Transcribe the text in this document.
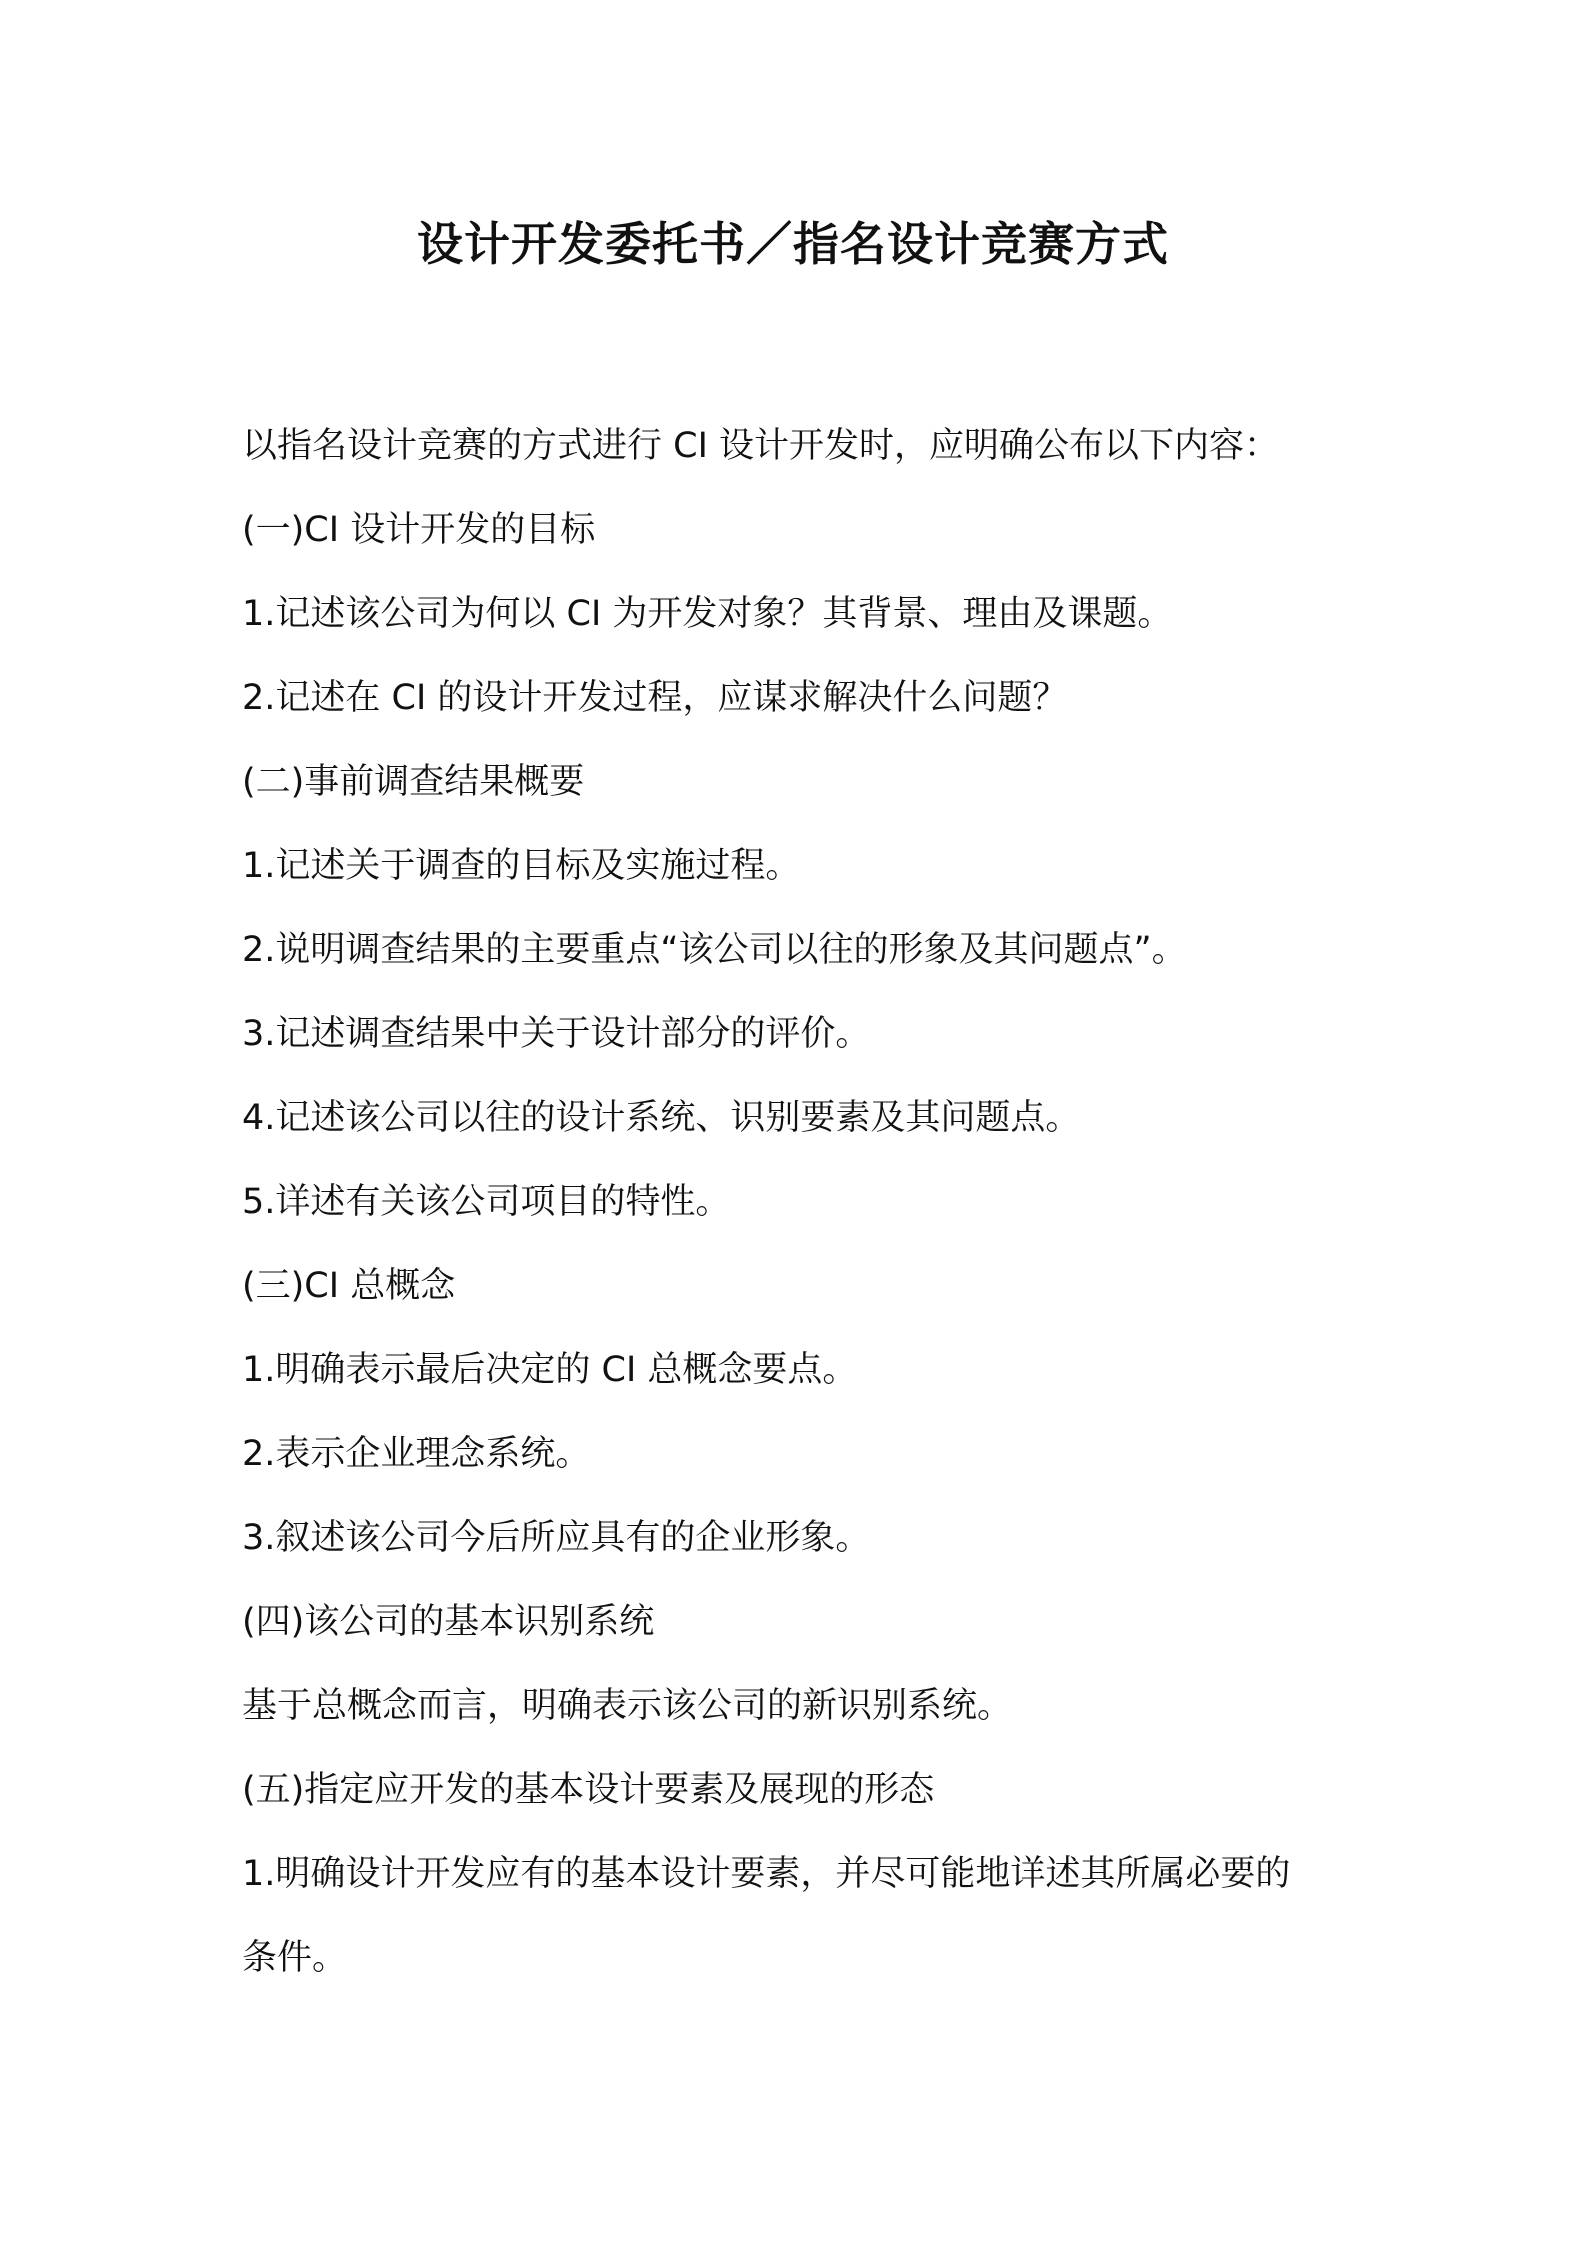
设计开发委托书／指名设计竞赛方式
以指名设计竞赛的方式进行 CI 设计开发时，应明确公布以下内容：
(一)CI 设计开发的目标
1.记述该公司为何以 CI 为开发对象？其背景、理由及课题。
2.记述在 CI 的设计开发过程，应谋求解决什么问题？
(二)事前调查结果概要
1.记述关于调查的目标及实施过程。
2.说明调查结果的主要重点“该公司以往的形象及其问题点”。
3.记述调查结果中关于设计部分的评价。
4.记述该公司以往的设计系统、识别要素及其问题点。
5.详述有关该公司项目的特性。
(三)CI 总概念
1.明确表示最后决定的 CI 总概念要点。
2.表示企业理念系统。
3.叙述该公司今后所应具有的企业形象。
(四)该公司的基本识别系统
基于总概念而言，明确表示该公司的新识别系统。
(五)指定应开发的基本设计要素及展现的形态
1.明确设计开发应有的基本设计要素，并尽可能地详述其所属必要的
条件。
